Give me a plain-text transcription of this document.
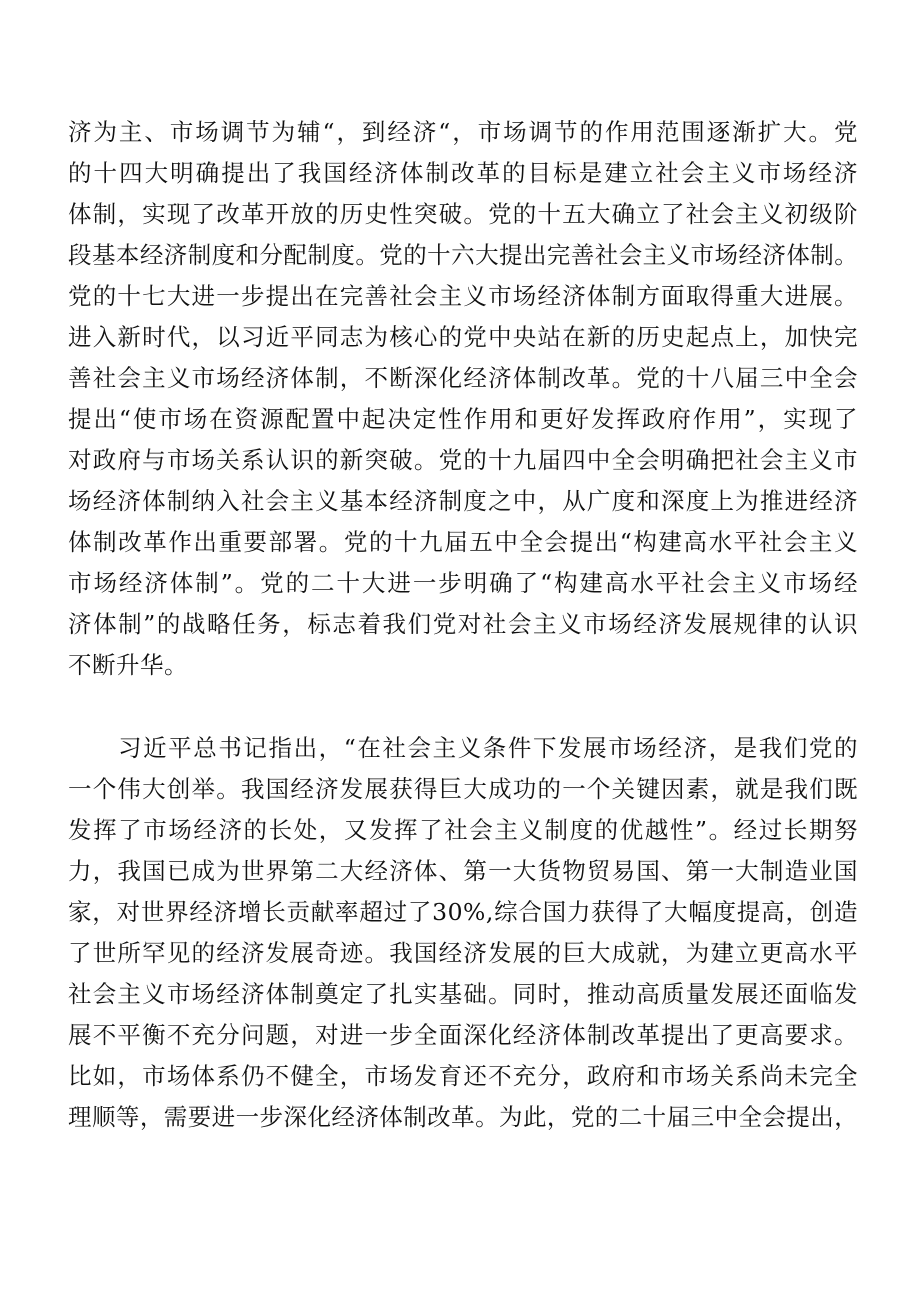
济为主、市场调节为辅“，到经济“，市场调节的作用范围逐渐扩大。党
的十四大明确提出了我国经济体制改革的目标是建立社会主义市场经济
体制，实现了改革开放的历史性突破。党的十五大确立了社会主义初级阶
段基本经济制度和分配制度。党的十六大提出完善社会主义市场经济体制。
党的十七大进一步提出在完善社会主义市场经济体制方面取得重大进展。
进入新时代，以习近平同志为核心的党中央站在新的历史起点上，加快完
善社会主义市场经济体制，不断深化经济体制改革。党的十八届三中全会
提出“使市场在资源配置中起决定性作用和更好发挥政府作用”，实现了
对政府与市场关系认识的新突破。党的十九届四中全会明确把社会主义市
场经济体制纳入社会主义基本经济制度之中，从广度和深度上为推进经济
体制改革作出重要部署。党的十九届五中全会提出“构建高水平社会主义
市场经济体制”。党的二十大进一步明确了“构建高水平社会主义市场经
济体制”的战略任务，标志着我们党对社会主义市场经济发展规律的认识
不断升华。
习近平总书记指出，“在社会主义条件下发展市场经济，是我们党的
一个伟大创举。我国经济发展获得巨大成功的一个关键因素，就是我们既
发挥了市场经济的长处，又发挥了社会主义制度的优越性”。经过长期努
力，我国已成为世界第二大经济体、第一大货物贸易国、第一大制造业国
家，对世界经济增长贡献率超过了30%,综合国力获得了大幅度提高，创造
了世所罕见的经济发展奇迹。我国经济发展的巨大成就，为建立更高水平
社会主义市场经济体制奠定了扎实基础。同时，推动高质量发展还面临发
展不平衡不充分问题，对进一步全面深化经济体制改革提出了更高要求。
比如，市场体系仍不健全，市场发育还不充分，政府和市场关系尚未完全
理顺等，需要进一步深化经济体制改革。为此，党的二十届三中全会提出，
